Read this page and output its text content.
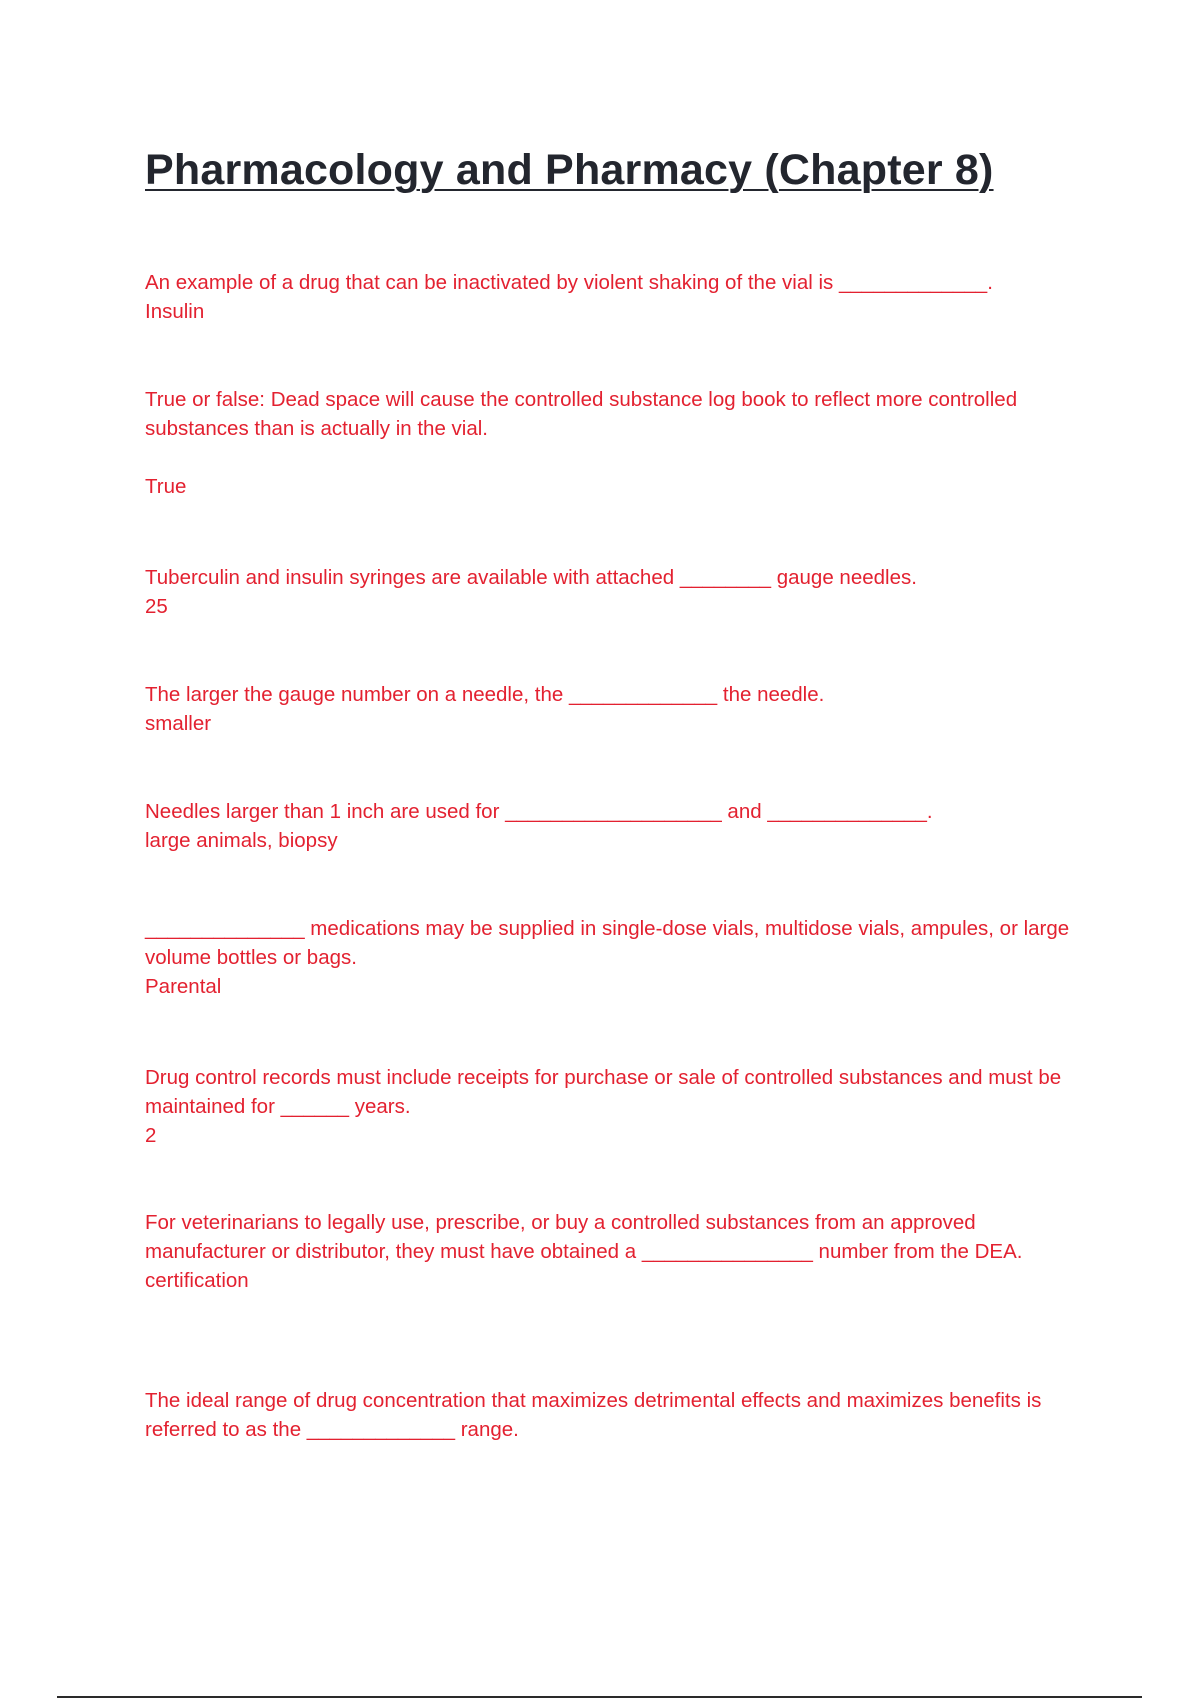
Pharmacology and Pharmacy (Chapter 8)

An example of a drug that can be inactivated by violent shaking of the vial is _____________.

Insulin

True or false: Dead space will cause the controlled substance log book to reflect more controlled substances than is actually in the vial.

True

Tuberculin and insulin syringes are available with attached ________ gauge needles.

25

The larger the gauge number on a needle, the _____________ the needle.

smaller

Needles larger than 1 inch are used for ___________________ and ______________.

large animals, biopsy

______________ medications may be supplied in single-dose vials, multidose vials, ampules, or large volume bottles or bags.

Parental

Drug control records must include receipts for purchase or sale of controlled substances and must be maintained for ______ years.

2

For veterinarians to legally use, prescribe, or buy a controlled substances from an approved manufacturer or distributor, they must have obtained a _______________ number from the DEA.

certification

The ideal range of drug concentration that maximizes detrimental effects and maximizes benefits is referred to as the _____________ range.
